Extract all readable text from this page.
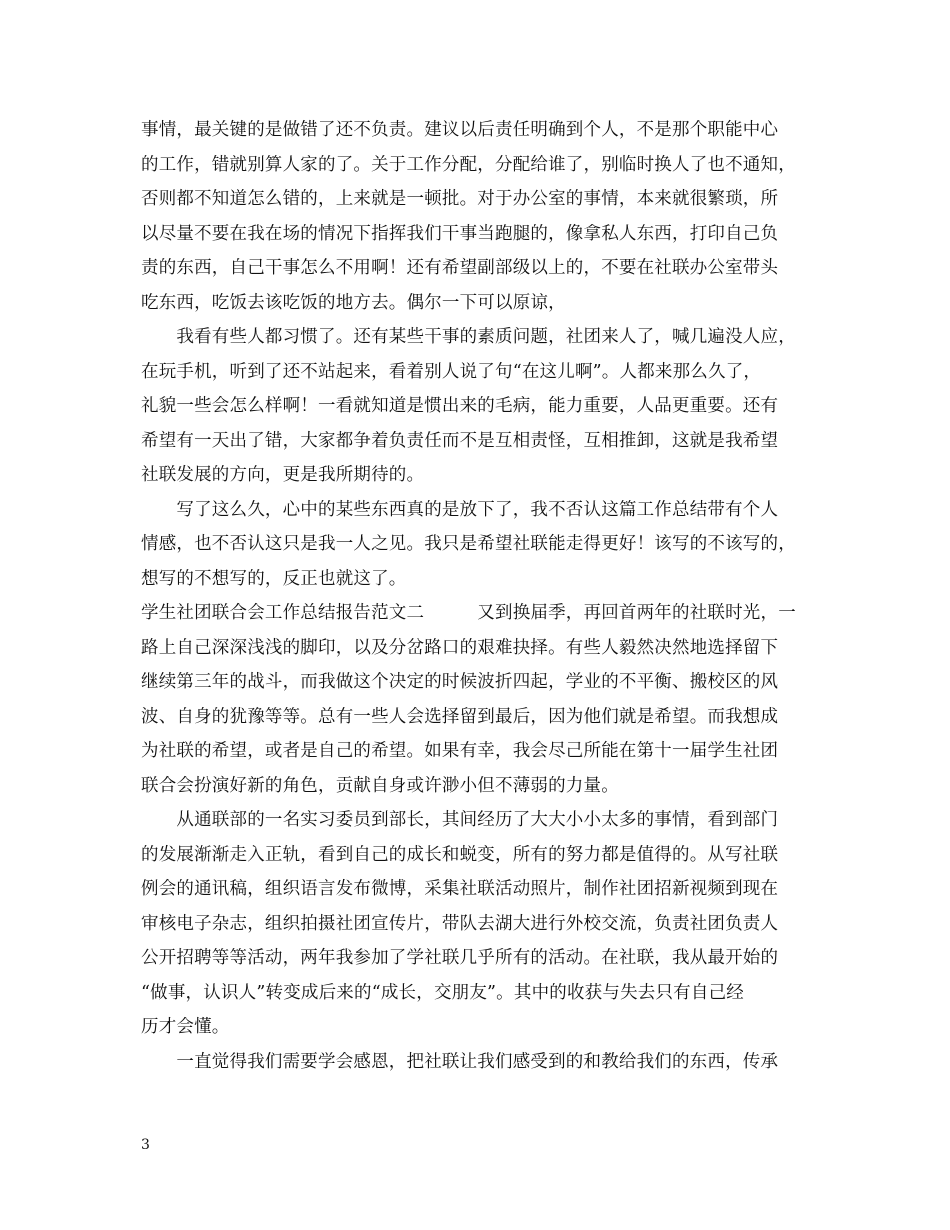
事情，最关键的是做错了还不负责。建议以后责任明确到个人，不是那个职能中心
的工作，错就别算人家的了。关于工作分配，分配给谁了，别临时换人了也不通知，
否则都不知道怎么错的，上来就是一顿批。对于办公室的事情，本来就很繁琐，所
以尽量不要在我在场的情况下指挥我们干事当跑腿的，像拿私人东西，打印自己负
责的东西，自己干事怎么不用啊！还有希望副部级以上的，不要在社联办公室带头
吃东西，吃饭去该吃饭的地方去。偶尔一下可以原谅，
　　我看有些人都习惯了。还有某些干事的素质问题，社团来人了，喊几遍没人应，
在玩手机，听到了还不站起来，看着别人说了句“在这儿啊”。人都来那么久了，
礼貌一些会怎么样啊！一看就知道是惯出来的毛病，能力重要，人品更重要。还有
希望有一天出了错，大家都争着负责任而不是互相责怪，互相推卸，这就是我希望
社联发展的方向，更是我所期待的。
　　写了这么久，心中的某些东西真的是放下了，我不否认这篇工作总结带有个人
情感，也不否认这只是我一人之见。我只是希望社联能走得更好！该写的不该写的，
想写的不想写的，反正也就这了。
学生社团联合会工作总结报告范文二　　　又到换届季，再回首两年的社联时光，一
路上自己深深浅浅的脚印，以及分岔路口的艰难抉择。有些人毅然决然地选择留下
继续第三年的战斗，而我做这个决定的时候波折四起，学业的不平衡、搬校区的风
波、自身的犹豫等等。总有一些人会选择留到最后，因为他们就是希望。而我想成
为社联的希望，或者是自己的希望。如果有幸，我会尽己所能在第十一届学生社团
联合会扮演好新的角色，贡献自身或许渺小但不薄弱的力量。
　　从通联部的一名实习委员到部长，其间经历了大大小小太多的事情，看到部门
的发展渐渐走入正轨，看到自己的成长和蜕变，所有的努力都是值得的。从写社联
例会的通讯稿，组织语言发布微博，采集社联活动照片，制作社团招新视频到现在
审核电子杂志，组织拍摄社团宣传片，带队去湖大进行外校交流，负责社团负责人
公开招聘等等活动，两年我参加了学社联几乎所有的活动。在社联，我从最开始的
“做事，认识人”转变成后来的“成长，交朋友”。其中的收获与失去只有自己经
历才会懂。
　　一直觉得我们需要学会感恩，把社联让我们感受到的和教给我们的东西，传承
3
